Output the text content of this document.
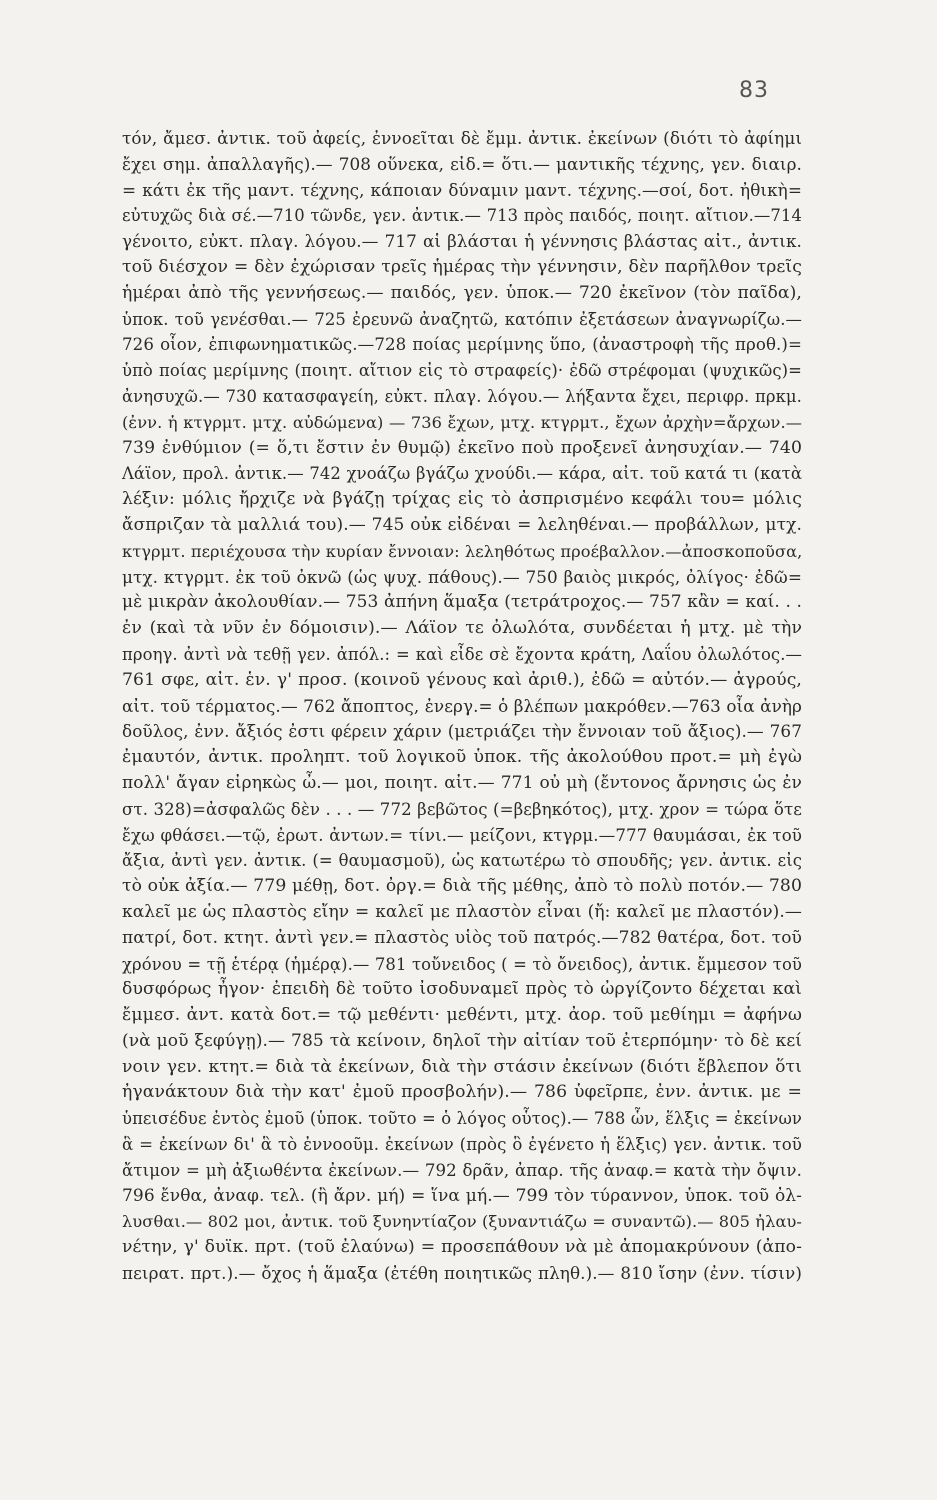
83
τόν, ἄμεσ. ἀντικ. τοῦ ἀφείς, ἐννοεῖται δὲ ἔμμ. ἀντικ. ἐκείνων (διότι τὸ ἀφίημι
ἔχει σημ. ἀπαλλαγῆς).— 708 οὕνεκα, εἰδ.= ὅτι.— μαντικῆς τέχνης, γεν. διαιρ.
= κάτι ἐκ τῆς μαντ. τέχνης, κάποιαν δύναμιν μαντ. τέχνης.—σοί, δοτ. ἠθικὴ=
εὐτυχῶς διὰ σέ.—710 τῶνδε, γεν. ἀντικ.— 713 πρὸς παιδός, ποιητ. αἴτιον.—714
γένοιτο, εὐκτ. πλαγ. λόγου.— 717 αἱ βλάσται ἡ γέννησις βλάστας αἰτ., ἀντικ.
τοῦ διέσχον = δὲν ἐχώρισαν τρεῖς ἡμέρας τὴν γέννησιν, δὲν παρῆλθον τρεῖς
ἡμέραι ἀπὸ τῆς γεννήσεως.— παιδός, γεν. ὑποκ.— 720 ἐκεῖνον (τὸν παῖδα),
ὑποκ. τοῦ γενέσθαι.— 725 ἐρευνῶ ἀναζητῶ, κατόπιν ἐξετάσεων ἀναγνωρίζω.—
726 οἷον, ἐπιφωνηματικῶς.—728 ποίας μερίμνης ὕπο, (ἀναστροφὴ τῆς προθ.)=
ὑπὸ ποίας μερίμνης (ποιητ. αἴτιον εἰς τὸ στραφείς)· ἐδῶ στρέφομαι (ψυχικῶς)=
ἀνησυχῶ.— 730 κατασφαγείη, εὐκτ. πλαγ. λόγου.— λήξαντα ἔχει, περιφρ. πρκμ.
(ἐνν. ἡ κτγρμτ. μτχ. αὐδώμενα) — 736 ἔχων, μτχ. κτγρμτ., ἔχων ἀρχὴν=ἄρχων.—
739 ἐνθύμιον (= ὅ,τι ἔστιν ἐν θυμῷ) ἐκεῖνο ποὺ προξενεῖ ἀνησυχίαν.— 740
Λάϊον, προλ. ἀντικ.— 742 χνοάζω βγάζω χνούδι.— κάρα, αἰτ. τοῦ κατά τι (κατὰ
λέξιν: μόλις ἤρχιζε νὰ βγάζῃ τρίχας εἰς τὸ ἀσπρισμένο κεφάλι του= μόλις
ἄσπριζαν τὰ μαλλιά του).— 745 οὐκ εἰδέναι = λεληθέναι.— προβάλλων, μτχ.
κτγρμτ. περιέχουσα τὴν κυρίαν ἔννοιαν: λεληθότως προέβαλλον.—ἀποσκοποῦσα,
μτχ. κτγρμτ. ἐκ τοῦ ὀκνῶ (ὡς ψυχ. πάθους).— 750 βαιὸς μικρός, ὀλίγος· ἐδῶ=
μὲ μικρὰν ἀκολουθίαν.— 753 ἀπήνη ἅμαξα (τετράτροχος.— 757 κἂν = καί. . .
ἐν (καὶ τὰ νῦν ἐν δόμοισιν).— Λάϊον τε ὀλωλότα, συνδέεται ἡ μτχ. μὲ τὴν
προηγ. ἀντὶ νὰ τεθῇ γεν. ἀπόλ.: = καὶ εἶδε σὲ ἔχοντα κράτη, Λαΐου ὀλωλότος.—
761 σφε, αἰτ. ἑν. γ' προσ. (κοινοῦ γένους καὶ ἀριθ.), ἐδῶ = αὐτόν.— ἀγρούς,
αἰτ. τοῦ τέρματος.— 762 ἄποπτος, ἐνεργ.= ὁ βλέπων μακρόθεν.—763 οἷα ἀνὴρ
δοῦλος, ἐνν. ἄξιός ἐστι φέρειν χάριν (μετριάζει τὴν ἔννοιαν τοῦ ἄξιος).— 767
ἐμαυτόν, ἀντικ. προληπτ. τοῦ λογικοῦ ὑποκ. τῆς ἀκολούθου προτ.= μὴ ἐγὼ
πολλ' ἄγαν εἰρηκὼς ὦ.— μοι, ποιητ. αἰτ.— 771 οὐ μὴ (ἔντονος ἄρνησις ὡς ἐν
στ. 328)=ἀσφαλῶς δὲν . . . — 772 βεβῶτος (=βεβηκότος), μτχ. χρον = τώρα ὅτε
ἔχω φθάσει.—τῷ, ἐρωτ. ἀντων.= τίνι.— μείζονι, κτγρμ.—777 θαυμάσαι, ἐκ τοῦ
ἄξια, ἀντὶ γεν. ἀντικ. (= θαυμασμοῦ), ὡς κατωτέρω τὸ σπουδῆς; γεν. ἀντικ. εἰς
τὸ οὐκ ἀξία.— 779 μέθῃ, δοτ. ὀργ.= διὰ τῆς μέθης, ἀπὸ τὸ πολὺ ποτόν.— 780
καλεῖ με ὡς πλαστὸς εἴην = καλεῖ με πλαστὸν εἶναι (ἤ: καλεῖ με πλαστόν).—
πατρί, δοτ. κτητ. ἀντὶ γεν.= πλαστὸς υἱὸς τοῦ πατρός.—782 θατέρα, δοτ. τοῦ
χρόνου = τῇ ἑτέρᾳ (ἡμέρᾳ).— 781 τοὔνειδος ( = τὸ ὄνειδος), ἀντικ. ἔμμεσον τοῦ
δυσφόρως ἦγον· ἐπειδὴ δὲ τοῦτο ἰσοδυναμεῖ πρὸς τὸ ὠργίζοντο δέχεται καὶ
ἔμμεσ. ἀντ. κατὰ δοτ.= τῷ μεθέντι· μεθέντι, μτχ. ἀορ. τοῦ μεθίημι = ἀφήνω
(νὰ μοῦ ξεφύγῃ).— 785 τὰ κείνοιν, δηλοῖ τὴν αἰτίαν τοῦ ἐτερπόμην· τὸ δὲ κεί
νοιν γεν. κτητ.= διὰ τὰ ἐκείνων, διὰ τὴν στάσιν ἐκείνων (διότι ἔβλεπον ὅτι
ἠγανάκτουν διὰ τὴν κατ' ἐμοῦ προσβολήν).— 786 ὑφεῖρπε, ἐνν. ἀντικ. με =
ὑπεισέδυε ἐντὸς ἐμοῦ (ὑποκ. τοῦτο = ὁ λόγος οὗτος).— 788 ὧν, ἕλξις = ἐκείνων
ἃ = ἐκείνων δι' ἃ τὸ ἐννοοῦμ. ἐκείνων (πρὸς ὃ ἐγένετο ἡ ἕλξις) γεν. ἀντικ. τοῦ
ἄτιμον = μὴ ἀξιωθέντα ἐκείνων.— 792 δρᾶν, ἀπαρ. τῆς ἀναφ.= κατὰ τὴν ὄψιν.
796 ἔνθα, ἀναφ. τελ. (ἢ ἄρν. μή) = ἵνα μή.— 799 τὸν τύραννον, ὑποκ. τοῦ ὀλ-
λυσθαι.— 802 μοι, ἀντικ. τοῦ ξυνηντίαζον (ξυναντιάζω = συναντῶ).— 805 ἠλαυ-
νέτην, γ' δυϊκ. πρτ. (τοῦ ἐλαύνω) = προσεπάθουν νὰ μὲ ἀπομακρύνουν (ἀπο-
πειρατ. πρτ.).— ὄχος ἡ ἅμαξα (ἐτέθη ποιητικῶς πληθ.).— 810 ἴσην (ἐνν. τίσιν)
